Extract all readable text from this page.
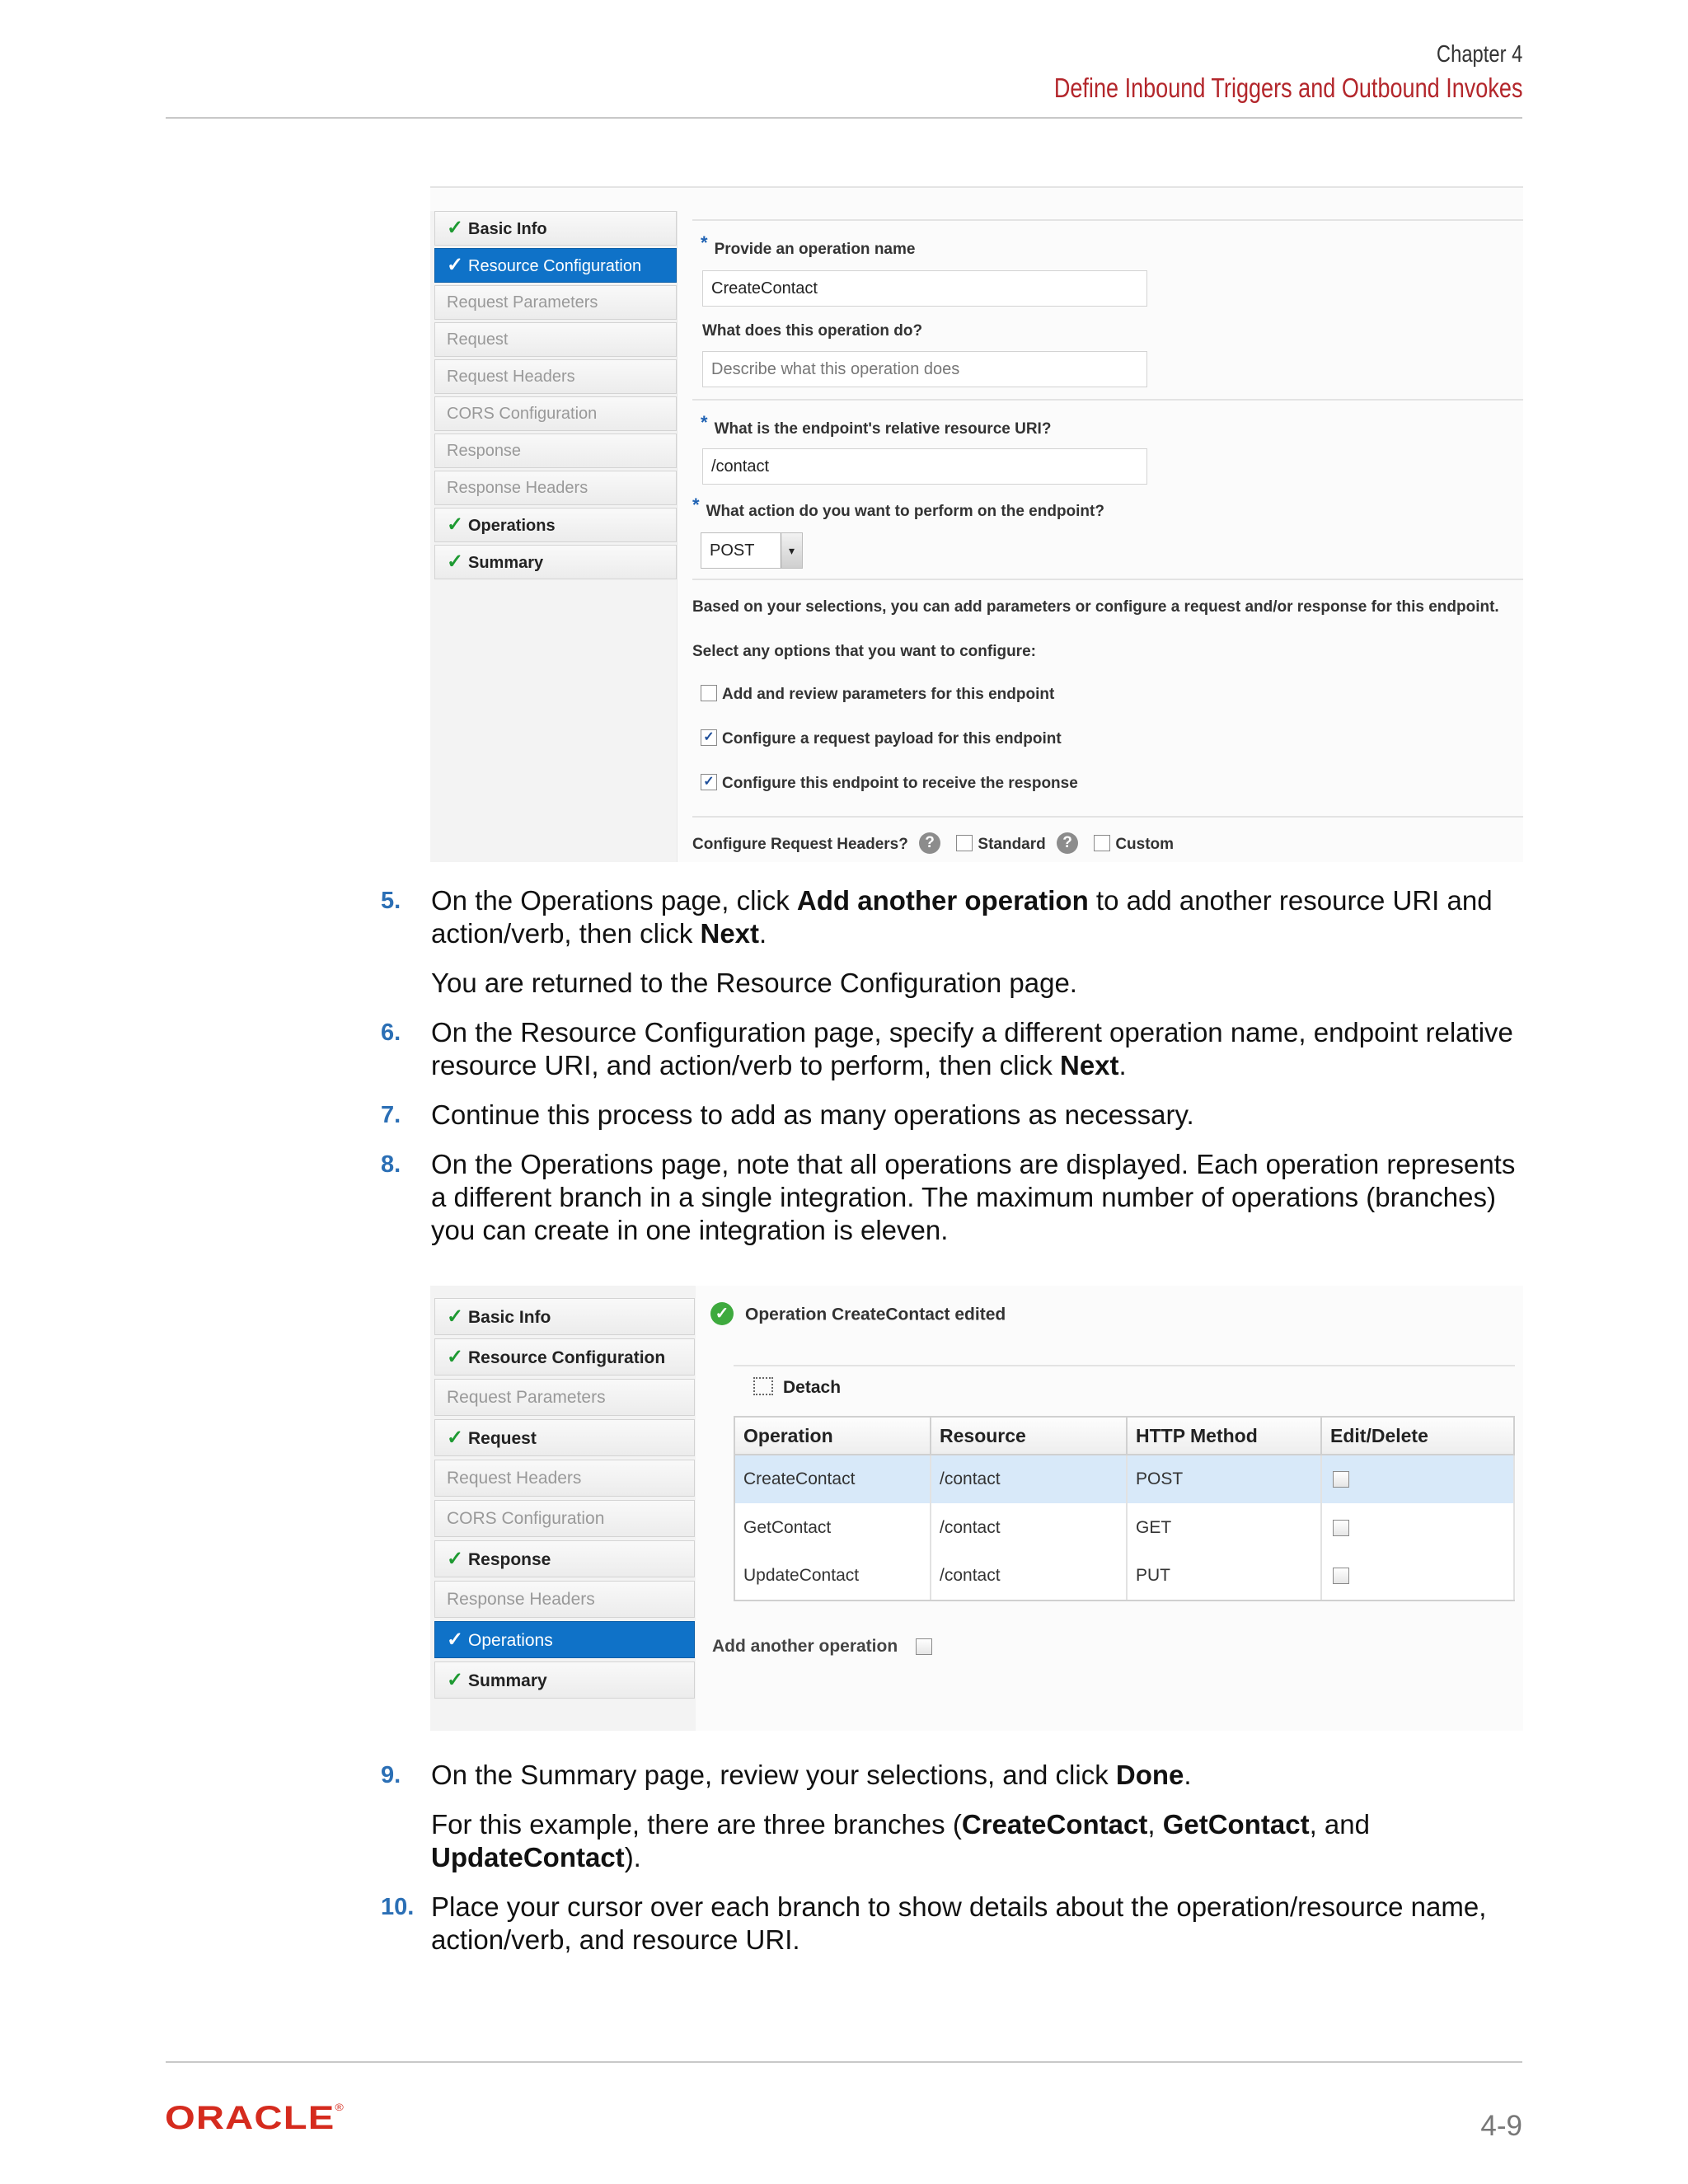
Chapter 4
Define Inbound Triggers and Outbound Invokes
✓ Basic Info
✓ Resource Configuration
Request Parameters
Request
Request Headers
CORS Configuration
Response
Response Headers
✓ Operations
✓ Summary
* Provide an operation name
CreateContact
What does this operation do?
Describe what this operation does
* What is the endpoint's relative resource URI?
/contact
* What action do you want to perform on the endpoint?
POST	▾
Based on your selections, you can add parameters or configure a request and/or response for this endpoint.
Select any options that you want to configure:
Add and review parameters for this endpoint
✓ Configure a request payload for this endpoint
✓ Configure this endpoint to receive the response
Configure Request Headers? ?	Standard ?	Custom
5. On the Operations page, click Add another operation to add another resource URI and action/verb, then click Next.
You are returned to the Resource Configuration page.
6. On the Resource Configuration page, specify a different operation name, endpoint relative resource URI, and action/verb to perform, then click Next.
7. Continue this process to add as many operations as necessary.
8. On the Operations page, note that all operations are displayed. Each operation represents a different branch in a single integration. The maximum number of operations (branches) you can create in one integration is eleven.
✓ Basic Info
✓ Resource Configuration
Request Parameters
✓ Request
Request Headers
CORS Configuration
✓ Response
Response Headers
✓ Operations
✓ Summary
✓ Operation CreateContact edited
Detach
Operation	Resource	HTTP Method	Edit/Delete
CreateContact	/contact	POST	
GetContact	/contact	GET	
UpdateContact	/contact	PUT	
Add another operation
9. On the Summary page, review your selections, and click Done.
For this example, there are three branches (CreateContact, GetContact, and UpdateContact).
10. Place your cursor over each branch to show details about the operation/resource name, action/verb, and resource URI.
ORACLE®
4-9
